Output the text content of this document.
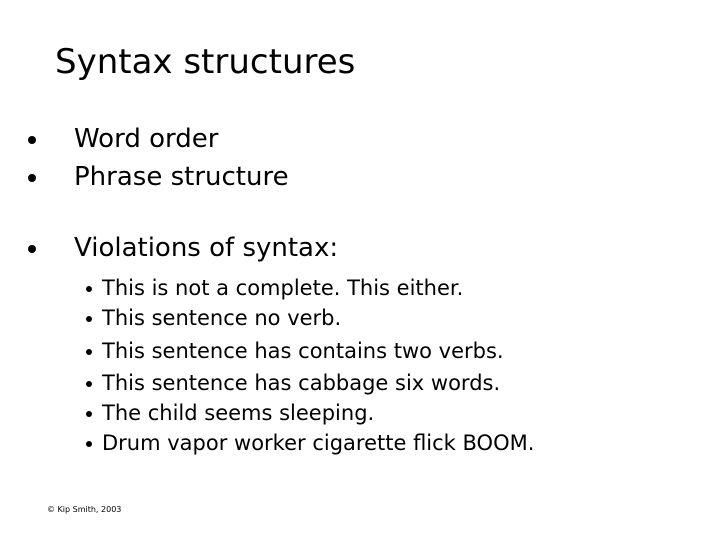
Syntax structures
Word order
Phrase structure
Violations of syntax:
This is not a complete. This either.
This sentence no verb.
This sentence has contains two verbs.
This sentence has cabbage six words.
The child seems sleeping.
Drum vapor worker cigarette flick BOOM.
© Kip Smith, 2003
